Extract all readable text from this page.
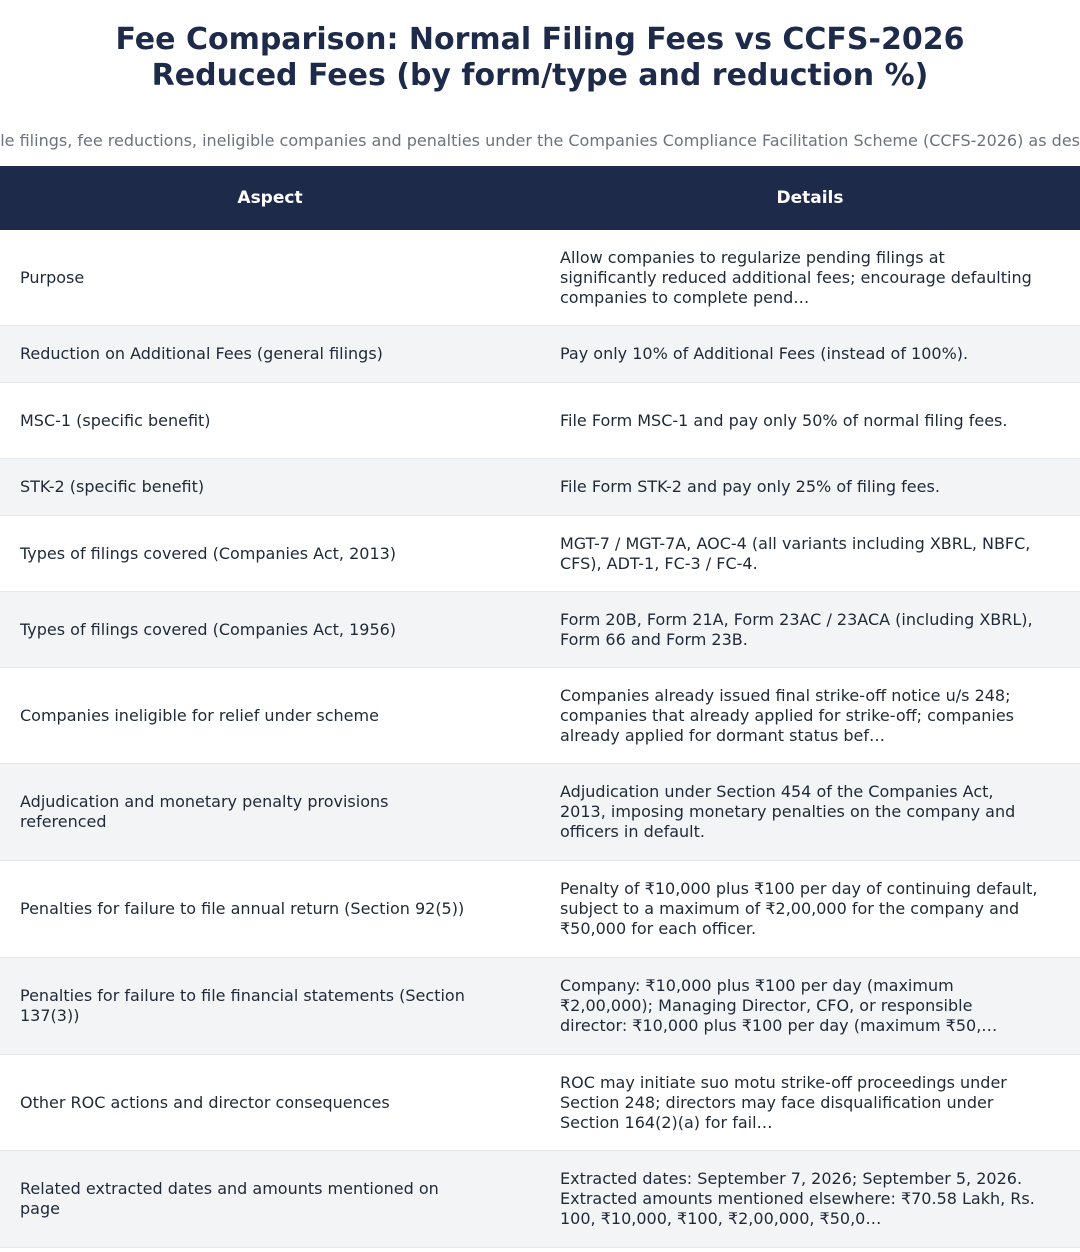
Fee Comparison: Normal Filing Fees vs CCFS-2026
Reduced Fees (by form/type and reduction %)
le filings, fee reductions, ineligible companies and penalties under the Companies Compliance Facilitation Scheme (CCFS-2026) as des
Aspect	Details
Purpose	Allow companies to regularize pending filings at significantly reduced additional fees; encourage defaulting companies to complete pend…
Reduction on Additional Fees (general filings)	Pay only 10% of Additional Fees (instead of 100%).
MSC-1 (specific benefit)	File Form MSC-1 and pay only 50% of normal filing fees.
STK-2 (specific benefit)	File Form STK-2 and pay only 25% of filing fees.
Types of filings covered (Companies Act, 2013)	MGT-7 / MGT-7A, AOC-4 (all variants including XBRL, NBFC, CFS), ADT-1, FC-3 / FC-4.
Types of filings covered (Companies Act, 1956)	Form 20B, Form 21A, Form 23AC / 23ACA (including XBRL), Form 66 and Form 23B.
Companies ineligible for relief under scheme	Companies already issued final strike-off notice u/s 248; companies that already applied for strike-off; companies already applied for dormant status bef…
Adjudication and monetary penalty provisions referenced	Adjudication under Section 454 of the Companies Act, 2013, imposing monetary penalties on the company and officers in default.
Penalties for failure to file annual return (Section 92(5))	Penalty of ₹10,000 plus ₹100 per day of continuing default, subject to a maximum of ₹2,00,000 for the company and ₹50,000 for each officer.
Penalties for failure to file financial statements (Section 137(3))	Company: ₹10,000 plus ₹100 per day (maximum ₹2,00,000); Managing Director, CFO, or responsible director: ₹10,000 plus ₹100 per day (maximum ₹50,…
Other ROC actions and director consequences	ROC may initiate suo motu strike-off proceedings under Section 248; directors may face disqualification under Section 164(2)(a) for fail…
Related extracted dates and amounts mentioned on page	Extracted dates: September 7, 2026; September 5, 2026. Extracted amounts mentioned elsewhere: ₹70.58 Lakh, Rs. 100, ₹10,000, ₹100, ₹2,00,000, ₹50,0…
